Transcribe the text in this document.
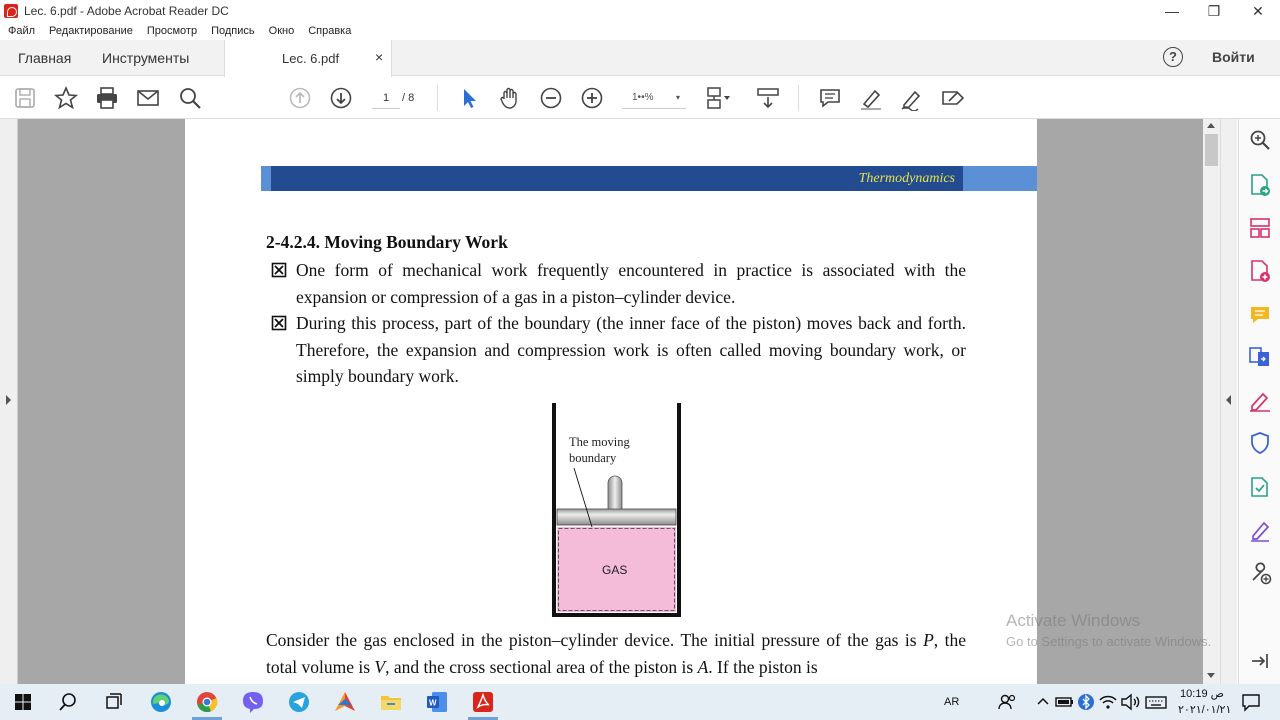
Lec. 6.pdf - Adobe Acrobat Reader DC	—	❐	✕
Файл Редактирование Просмотр Подпись Окно Справка
Главная Инструменты	Lec. 6.pdf	×	?	Войти
1	/ 8	1••%	▾
Thermodynamics
2-4.2.4. Moving Boundary Work
One form of mechanical work frequently encountered in practice is associated with the expansion or compression of a gas in a piston–cylinder device.
During this process, part of the boundary (the inner face of the piston) moves back and forth. Therefore, the expansion and compression work is often called moving boundary work, or simply boundary work.
The moving
boundary
GAS
Consider the gas enclosed in the piston–cylinder device. The initial pressure of the gas is P, the total volume is V, and the cross sectional area of the piston is A. If the piston is
Activate Windows
Go to Settings to activate Windows.
W	AR
10:19 ص
٢٠٢١/٠١/٢١
